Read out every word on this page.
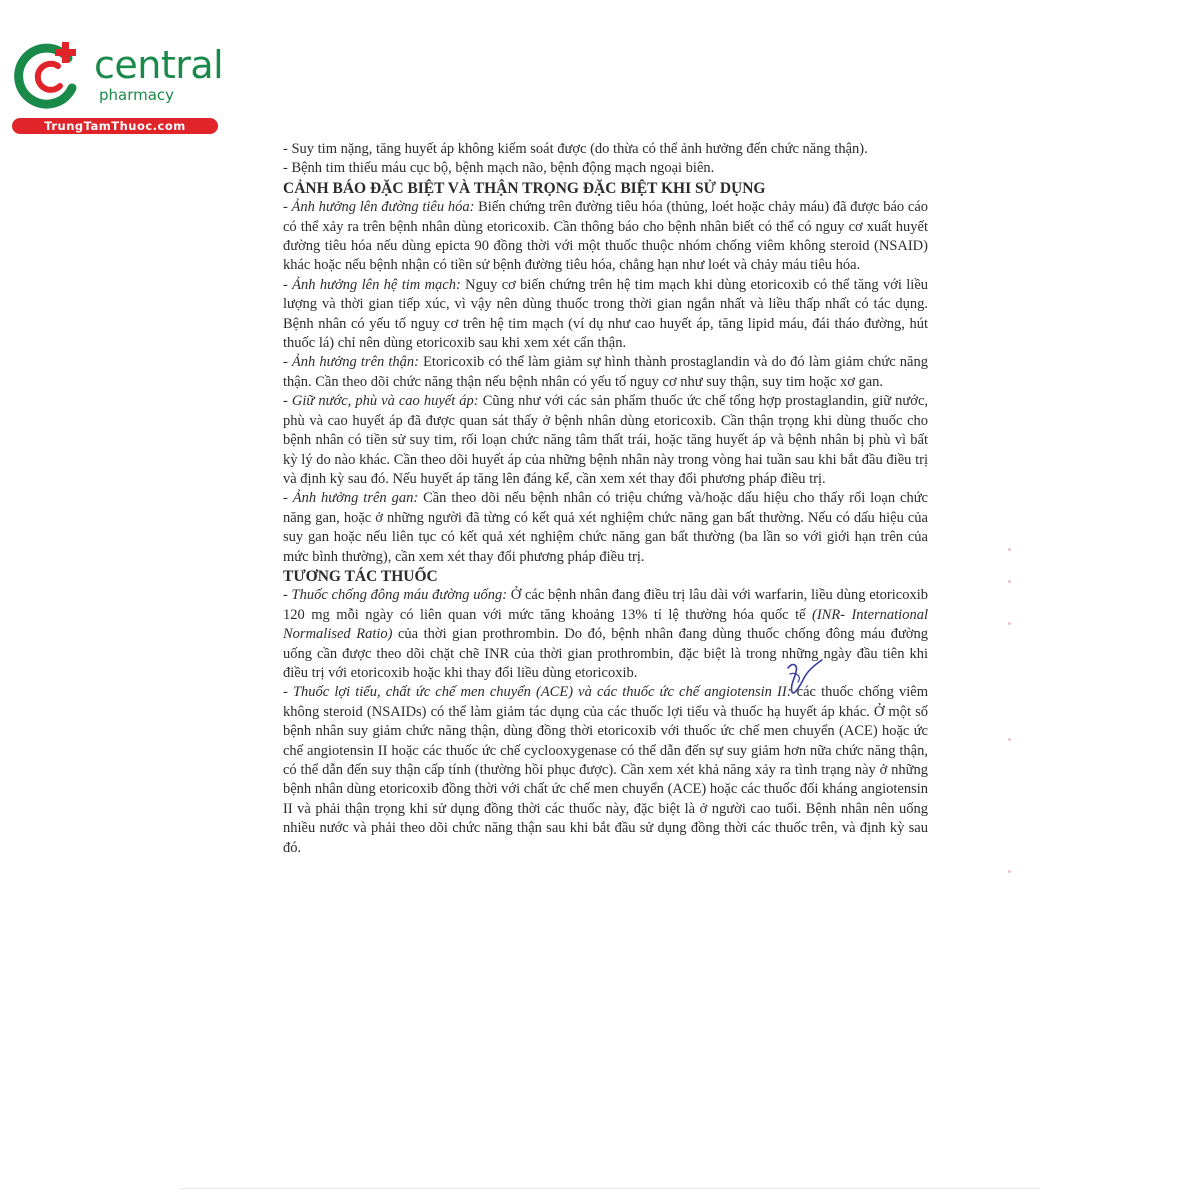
central
pharmacy
TrungTamThuoc.com

- Suy tim nặng, tăng huyết áp không kiểm soát được (do thừa có thể ảnh hưởng đến chức năng thận).

- Bệnh tim thiếu máu cục bộ, bệnh mạch não, bệnh động mạch ngoại biên.

CẢNH BÁO ĐẶC BIỆT VÀ THẬN TRỌNG ĐẶC BIỆT KHI SỬ DỤNG

- Ảnh hưởng lên đường tiêu hóa: Biến chứng trên đường tiêu hóa (thủng, loét hoặc chảy máu) đã được báo cáo có thể xảy ra trên bệnh nhân dùng etoricoxib. Cần thông báo cho bệnh nhân biết có thể có nguy cơ xuất huyết đường tiêu hóa nếu dùng epicta 90 đồng thời với một thuốc thuộc nhóm chống viêm không steroid (NSAID) khác hoặc nếu bệnh nhận có tiền sử bệnh đường tiêu hóa, chẳng hạn như loét và chảy máu tiêu hóa.

- Ảnh hưởng lên hệ tim mạch: Nguy cơ biến chứng trên hệ tim mạch khi dùng etoricoxib có thể tăng với liều lượng và thời gian tiếp xúc, vì vậy nên dùng thuốc trong thời gian ngắn nhất và liều thấp nhất có tác dụng. Bệnh nhân có yếu tố nguy cơ trên hệ tim mạch (ví dụ như cao huyết áp, tăng lipid máu, đái tháo đường, hút thuốc lá) chỉ nên dùng etoricoxib sau khi xem xét cẩn thận.

- Ảnh hưởng trên thận: Etoricoxib có thể làm giảm sự hình thành prostaglandin và do đó làm giảm chức năng thận. Cần theo dõi chức năng thận nếu bệnh nhân có yếu tố nguy cơ như suy thận, suy tim hoặc xơ gan.

- Giữ nước, phù và cao huyết áp: Cũng như với các sản phẩm thuốc ức chế tổng hợp prostaglandin, giữ nước, phù và cao huyết áp đã được quan sát thấy ở bệnh nhân dùng etoricoxib. Cần thận trọng khi dùng thuốc cho bệnh nhân có tiền sử suy tim, rối loạn chức năng tâm thất trái, hoặc tăng huyết áp và bệnh nhân bị phù vì bất kỳ lý do nào khác. Cần theo dõi huyết áp của những bệnh nhân này trong vòng hai tuần sau khi bắt đầu điều trị và định kỳ sau đó. Nếu huyết áp tăng lên đáng kể, cần xem xét thay đổi phương pháp điều trị.

- Ảnh hưởng trên gan: Cần theo dõi nếu bệnh nhân có triệu chứng và/hoặc dấu hiệu cho thấy rối loạn chức năng gan, hoặc ở những người đã từng có kết quả xét nghiệm chức năng gan bất thường. Nếu có dấu hiệu của suy gan hoặc nếu liên tục có kết quả xét nghiệm chức năng gan bất thường (ba lần so với giới hạn trên của mức bình thường), cần xem xét thay đổi phương pháp điều trị.

TƯƠNG TÁC THUỐC

- Thuốc chống đông máu đường uống: Ở các bệnh nhân đang điều trị lâu dài với warfarin, liều dùng etoricoxib 120 mg mỗi ngày có liên quan với mức tăng khoảng 13% tỉ lệ thường hóa quốc tế (INR- International Normalised Ratio) của thời gian prothrombin. Do đó, bệnh nhân đang dùng thuốc chống đông máu đường uống cần được theo dõi chặt chẽ INR của thời gian prothrombin, đặc biệt là trong những ngày đầu tiên khi điều trị với etoricoxib hoặc khi thay đổi liều dùng etoricoxib.

- Thuốc lợi tiểu, chất ức chế men chuyển (ACE) và các thuốc ức chế angiotensin II: các thuốc chống viêm không steroid (NSAIDs) có thể làm giảm tác dụng của các thuốc lợi tiểu và thuốc hạ huyết áp khác. Ở một số bệnh nhân suy giảm chức năng thận, dùng đồng thời etoricoxib với thuốc ức chế men chuyển (ACE) hoặc ức chế angiotensin II hoặc các thuốc ức chế cyclooxygenase có thể dẫn đến sự suy giảm hơn nữa chức năng thận, có thể dẫn đến suy thận cấp tính (thường hồi phục được). Cần xem xét khả năng xảy ra tình trạng này ở những bệnh nhân dùng etoricoxib đồng thời với chất ức chế men chuyển (ACE) hoặc các thuốc đối kháng angiotensin II và phải thận trọng khi sử dụng đồng thời các thuốc này, đặc biệt là ở người cao tuổi. Bệnh nhân nên uống nhiều nước và phải theo dõi chức năng thận sau khi bắt đầu sử dụng đồng thời các thuốc trên, và định kỳ sau đó.
